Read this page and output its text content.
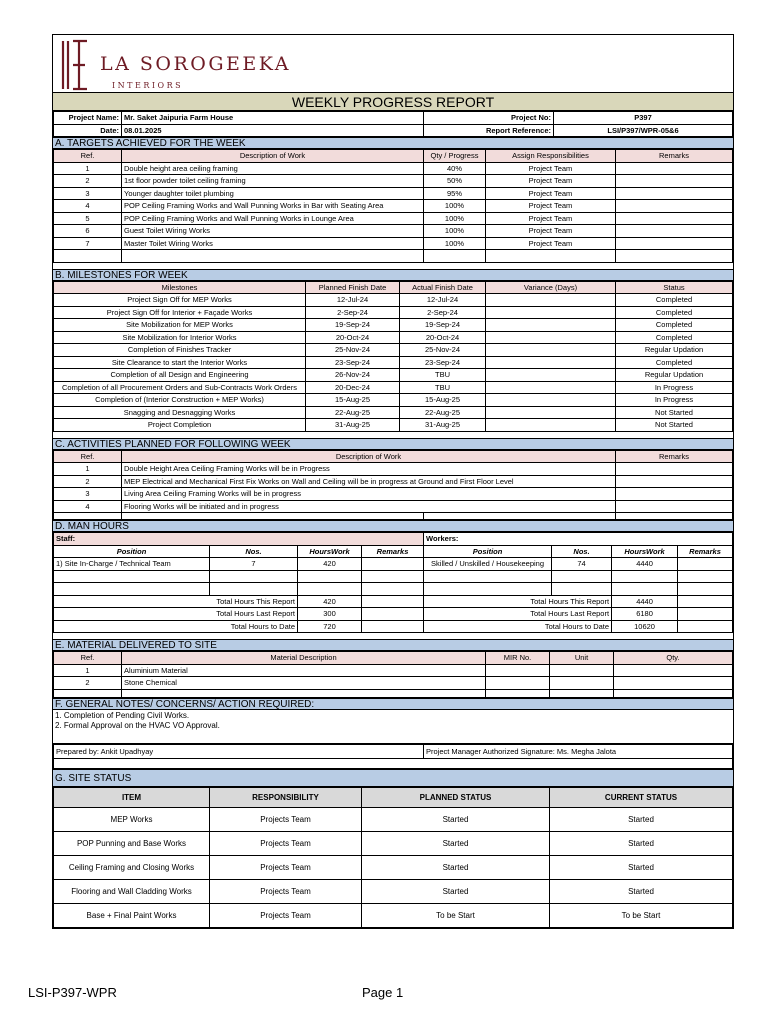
LA SOROGEEKA
INTERIORS
WEEKLY PROGRESS REPORT
Project Name:	Mr. Saket Jaipuria Farm House	Project No:	P397
Date:	08.01.2025	Report Reference:	LSI/P397/WPR-05&6
A. TARGETS ACHIEVED FOR THE WEEK
Ref.	Description of Work	Qty / Progress	Assign Responsibilities	Remarks
1	Double height area ceiling framing	40%	Project Team	
2	1st floor powder toilet ceiling framing	50%	Project Team	
3	Younger daughter toilet plumbing	95%	Project Team	
4	POP Ceiling Framing Works and Wall Punning Works in Bar with Seating Area	100%	Project Team	
5	POP Ceiling Framing Works and Wall Punning Works in Lounge Area	100%	Project Team	
6	Guest Toilet Wiring Works	100%	Project Team	
7	Master Toilet Wiring Works	100%	Project Team	

B. MILESTONES FOR WEEK
Milestones	Planned Finish Date	Actual Finish Date	Variance (Days)	Status
Project Sign Off for MEP Works	12-Jul-24	12-Jul-24		Completed
Project Sign Off for Interior + Façade Works	2-Sep-24	2-Sep-24		Completed
Site Mobilization for MEP Works	19-Sep-24	19-Sep-24		Completed
Site Mobilization for Interior Works	20-Oct-24	20-Oct-24		Completed
Completion of Finishes Tracker	25-Nov-24	25-Nov-24		Regular Updation
Site Clearance to start the Interior Works	23-Sep-24	23-Sep-24		Completed
Completion of all Design and Engineering	26-Nov-24	TBU		Regular Updation
Completion of all Procurement Orders and Sub-Contracts Work Orders	20-Dec-24	TBU		In Progress
Completion of (Interior Construction + MEP Works)	15-Aug-25	15-Aug-25		In Progress
Snagging and Desnagging Works	22-Aug-25	22-Aug-25		Not Started
Project Completion	31-Aug-25	31-Aug-25		Not Started
C. ACTIVITIES PLANNED FOR FOLLOWING WEEK
Ref.	Description of Work		Remarks
1	Double Height Area Ceiling Framing Works will be in Progress		
2	MEP Electrical and Mechanical First Fix Works on Wall and Ceiling will be in progress at Ground and First Floor Level		
3	Living Area Ceiling Framing Works will be in progress		
4	Flooring Works will be initiated and in progress		

D. MAN HOURS
Staff:				Workers:			
Position	Nos.	HoursWork	Remarks	Position	Nos.	HoursWork	Remarks
1) Site In-Charge / Technical Team	7	420		Skilled / Unskilled / Housekeeping	74	4440	

	Total Hours This Report	420		Total Hours This Report		4440	
	Total Hours Last Report	300		Total Hours Last Report		6180	
	Total Hours to Date	720		Total Hours to Date		10620	
E. MATERIAL DELIVERED TO SITE
Ref.	Material Description	MIR No.	Unit	Qty.
1	Aluminium Material			
2	Stone Chemical			

F. GENERAL NOTES/ CONCERNS/ ACTION REQUIRED:
1. Completion of Pending Civil Works.
2. Formal Approval on the HVAC VO Approval.
Prepared by: Ankit Upadhyay	Project Manager Authorized Signature: Ms. Megha Jalota

G. SITE STATUS
ITEM	RESPONSIBILITY	PLANNED STATUS	CURRENT STATUS
MEP Works	Projects Team	Started	Started
POP Punning and Base Works	Projects Team	Started	Started
Ceiling Framing and Closing Works	Projects Team	Started	Started
Flooring and Wall Cladding Works	Projects Team	Started	Started
Base + Final Paint Works	Projects Team	To be Start	To be Start
LSI-P397-WPR	Page 1
